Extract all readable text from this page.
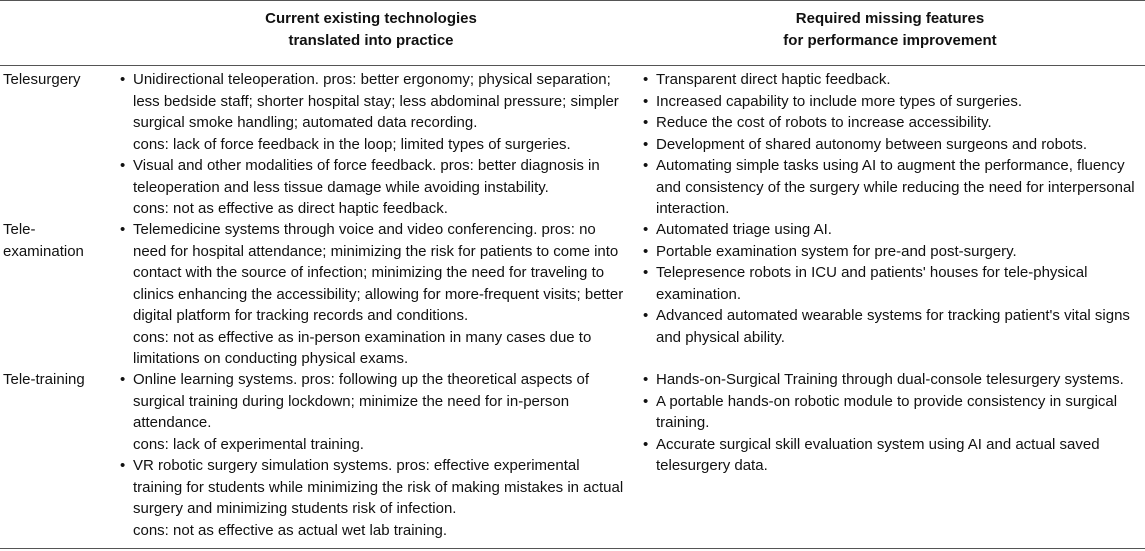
Current existing technologies
translated into practice
Required missing features
for performance improvement
Telesurgery	• Unidirectional teleoperation. pros: better ergonomy; physical separation; less bedside staff; shorter hospital stay; less abdominal pressure; simpler surgical smoke handling; automated data recording.
cons: lack of force feedback in the loop; limited types of surgeries.
• Visual and other modalities of force feedback. pros: better diagnosis in teleoperation and less tissue damage while avoiding instability.
cons: not as effective as direct haptic feedback.
• Transparent direct haptic feedback.
• Increased capability to include more types of surgeries.
• Reduce the cost of robots to increase accessibility.
• Development of shared autonomy between surgeons and robots.
• Automating simple tasks using AI to augment the performance, fluency and consistency of the surgery while reducing the need for interpersonal interaction.
Tele-
examination
• Telemedicine systems through voice and video conferencing. pros: no need for hospital attendance; minimizing the risk for patients to come into contact with the source of infection; minimizing the need for traveling to clinics enhancing the accessibility; allowing for more-frequent visits; better digital platform for tracking records and conditions.
cons: not as effective as in-person examination in many cases due to limitations on conducting physical exams.
• Automated triage using AI.
• Portable examination system for pre-and post-surgery.
• Telepresence robots in ICU and patients' houses for tele-physical examination.
• Advanced automated wearable systems for tracking patient's vital signs and physical ability.
Tele-training	• Online learning systems. pros: following up the theoretical aspects of surgical training during lockdown; minimize the need for in-person attendance.
cons: lack of experimental training.
• VR robotic surgery simulation systems. pros: effective experimental training for students while minimizing the risk of making mistakes in actual surgery and minimizing students risk of infection.
cons: not as effective as actual wet lab training.
• Hands-on-Surgical Training through dual-console telesurgery systems.
• A portable hands-on robotic module to provide consistency in surgical training.
• Accurate surgical skill evaluation system using AI and actual saved telesurgery data.
